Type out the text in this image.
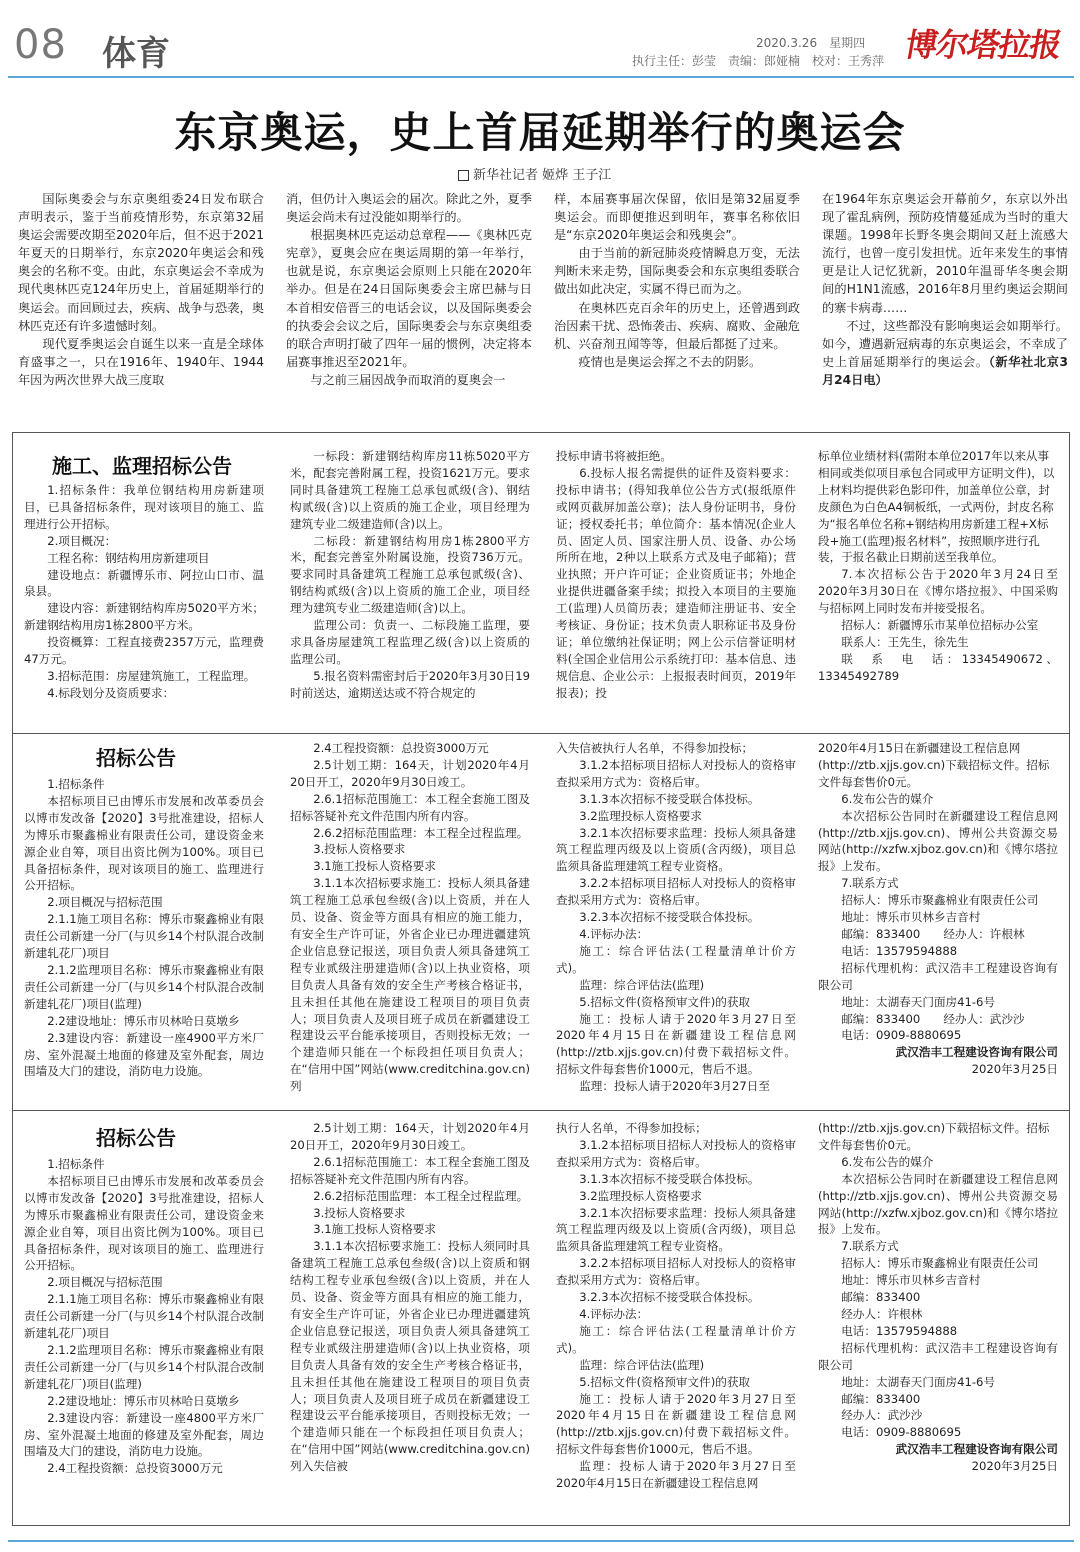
08 体育	2020.3.26　星期四
执行主任：彭莹　责编：郎娅楠　校对：王秀萍 博尔塔拉报
东京奥运，史上首届延期举行的奥运会
新华社记者 姬烨 王子江

国际奥委会与东京奥组委24日发布联合声明表示，鉴于当前疫情形势，东京第32届奥运会需要改期至2020年后，但不迟于2021年夏天的日期举行，东京2020年奥运会和残奥会的名称不变。由此，东京奥运会不幸成为现代奥林匹克124年历史上，首届延期举行的奥运会。而回顾过去，疾病、战争与恐袭，奥林匹克还有许多遗憾时刻。

现代夏季奥运会自诞生以来一直是全球体育盛事之一，只在1916年、1940年、1944年因为两次世界大战三度取

消，但仍计入奥运会的届次。除此之外，夏季奥运会尚未有过没能如期举行的。

根据奥林匹克运动总章程——《奥林匹克宪章》，夏奥会应在奥运周期的第一年举行，也就是说，东京奥运会原则上只能在2020年举办。但是在24日国际奥委会主席巴赫与日本首相安倍晋三的电话会议，以及国际奥委会的执委会会议之后，国际奥委会与东京奥组委的联合声明打破了四年一届的惯例，决定将本届赛事推迟至2021年。

与之前三届因战争而取消的夏奥会一

样，本届赛事届次保留，依旧是第32届夏季奥运会。而即便推迟到明年，赛事名称依旧是“东京2020年奥运会和残奥会”。

由于当前的新冠肺炎疫情瞬息万变，无法判断未来走势，国际奥委会和东京奥组委联合做出如此决定，实属不得已而为之。

在奥林匹克百余年的历史上，还曾遇到政治因素干扰、恐怖袭击、疾病、腐败、金融危机、兴奋剂丑闻等等，但最后都挺了过来。

疫情也是奥运会挥之不去的阴影。

在1964年东京奥运会开幕前夕，东京以外出现了霍乱病例，预防疫情蔓延成为当时的重大课题。1998年长野冬奥会期间又赶上流感大流行，也曾一度引发担忧。近年来发生的事情更是让人记忆犹新，2010年温哥华冬奥会期间的H1N1流感，2016年8月里约奥运会期间的寨卡病毒……

不过，这些都没有影响奥运会如期举行。如今，遭遇新冠病毒的东京奥运会，不幸成了史上首届延期举行的奥运会。（新华社北京3月24日电）

施工、监理招标公告

1.招标条件：我单位钢结构用房新建项目，已具备招标条件，现对该项目的施工、监理进行公开招标。

2.项目概况：

工程名称：钢结构用房新建项目

建设地点：新疆博乐市、阿拉山口市、温泉县。

建设内容：新建钢结构库房5020平方米；新建钢结构用房1栋2800平方米。

投资概算：工程直接费2357万元，监理费47万元。

3.招标范围：房屋建筑施工，工程监理。

4.标段划分及资质要求：

一标段：新建钢结构库房11栋5020平方米，配套完善附属工程，投资1621万元。要求同时具备建筑工程施工总承包贰级(含)、钢结构贰级(含)以上资质的施工企业，项目经理为建筑专业二级建造师(含)以上。

二标段：新建钢结构用房1栋2800平方米，配套完善室外附属设施，投资736万元。要求同时具备建筑工程施工总承包贰级(含)、钢结构贰级(含)以上资质的施工企业，项目经理为建筑专业二级建造师(含)以上。

监理公司：负责一、二标段施工监理，要求具备房屋建筑工程监理乙级(含)以上资质的监理公司。

5.报名资料需密封后于2020年3月30日19时前送达，逾期送达或不符合规定的

投标申请书将被拒绝。

6.投标人报名需提供的证件及资料要求：投标申请书；(得知我单位公告方式(报纸原件或网页截屏加盖公章)；法人身份证明书，身份证；授权委托书；单位简介：基本情况(企业人员、固定人员、国家注册人员、设备、办公场所所在地，2种以上联系方式及电子邮箱)；营业执照；开户许可证；企业资质证书；外地企业提供进疆备案手续；拟投入本项目的主要施工(监理)人员简历表；建造师注册证书、安全考核证、身份证；技术负责人职称证书及身份证；单位缴纳社保证明；网上公示信誉证明材料(全国企业信用公示系统打印：基本信息、违规信息、企业公示：上报报表时间页，2019年报表)；投

标单位业绩材料(需附本单位2017年以来从事相同或类似项目承包合同或甲方证明文件)，以上材料均提供彩色影印件，加盖单位公章，封皮颜色为白色A4铜板纸，一式两份，封皮名称为“报名单位名称+钢结构用房新建工程+X标段+施工(监理)报名材料”，按照顺序进行孔装，于报名截止日期前送至我单位。

7.本次招标公告于2020年3月24日至2020年3月30日在《博尔塔拉报》、中国采购与招标网上同时发布并接受报名。

招标人：新疆博乐市某单位招标办公室

联系人：王先生，徐先生

联　系　电　话：13345490672、13345492789

招标公告

1.招标条件

本招标项目已由博乐市发展和改革委员会以博市发改备【2020】3号批准建设，招标人为博乐市聚鑫棉业有限责任公司，建设资金来源企业自筹，项目出资比例为100%。项目已具备招标条件，现对该项目的施工、监理进行公开招标。

2.项目概况与招标范围

2.1.1施工项目名称：博乐市聚鑫棉业有限责任公司新建一分厂(与贝乡14个村队混合改制新建轧花厂)项目

2.1.2监理项目名称：博乐市聚鑫棉业有限责任公司新建一分厂(与贝乡14个村队混合改制新建轧花厂)项目(监理)

2.2建设地址：博乐市贝林哈日莫墩乡

2.3建设内容：新建设一座4900平方米厂房、室外混凝土地面的修建及室外配套，周边围墙及大门的建设，消防电力设施。

2.4工程投资额：总投资3000万元

2.5计划工期：164天，计划2020年4月20日开工，2020年9月30日竣工。

2.6.1招标范围施工：本工程全套施工图及招标答疑补充文件范围内所有内容。

2.6.2招标范围监理：本工程全过程监理。

3.投标人资格要求

3.1施工投标人资格要求

3.1.1本次招标要求施工：投标人须具备建筑工程施工总承包叁级(含)以上资质，并在人员、设备、资金等方面具有相应的施工能力，有安全生产许可证，外省企业已办理进疆建筑企业信息登记报送，项目负责人须具备建筑工程专业贰级注册建造师(含)以上执业资格，项目负责人具备有效的安全生产考核合格证书，且未担任其他在施建设工程项目的项目负责人；项目负责人及项目班子成员在新疆建设工程建设云平台能承接项目，否则投标无效；一个建造师只能在一个标段担任项目负责人；在“信用中国”网站(www.creditchina.gov.cn)列

入失信被执行人名单，不得参加投标；

3.1.2本招标项目招标人对投标人的资格审查拟采用方式为：资格后审。

3.1.3本次招标不接受联合体投标。

3.2监理投标人资格要求

3.2.1本次招标要求监理：投标人须具备建筑工程监理丙级及以上资质(含丙级)，项目总监须具备监理建筑工程专业资格。

3.2.2本招标项目招标人对投标人的资格审查拟采用方式为：资格后审。

3.2.3本次招标不接受联合体投标。

4.评标办法：

施工：综合评估法(工程量清单计价方式)。

监理：综合评估法(监理)

5.招标文件(资格预审文件)的获取

施工：投标人请于2020年3月27日至2020年4月15日在新疆建设工程信息网(http://ztb.xjjs.gov.cn)付费下载招标文件。招标文件每套售价1000元，售后不退。

监理：投标人请于2020年3月27日至

2020年4月15日在新疆建设工程信息网(http://ztb.xjjs.gov.cn)下载招标文件。招标文件每套售价0元。

6.发布公告的媒介

本次招标公告同时在新疆建设工程信息网(http://ztb.xjjs.gov.cn)、博州公共资源交易网站(http://xzfw.xjboz.gov.cn)和《博尔塔拉报》上发布。

7.联系方式

招标人：博乐市聚鑫棉业有限责任公司

地址：博乐市贝林乡吉音村

邮编：833400　　经办人：许根林

电话：13579594888

招标代理机构：武汉浩丰工程建设咨询有限公司

地址：太湖春天门面房41-6号

邮编：833400　　经办人：武沙沙

电话：0909-8880695

武汉浩丰工程建设咨询有限公司

2020年3月25日

招标公告

1.招标条件

本招标项目已由博乐市发展和改革委员会以博市发改备【2020】3号批准建设，招标人为博乐市聚鑫棉业有限责任公司，建设资金来源企业自筹，项目出资比例为100%。项目已具备招标条件，现对该项目的施工、监理进行公开招标。

2.项目概况与招标范围

2.1.1施工项目名称：博乐市聚鑫棉业有限责任公司新建一分厂(与贝乡14个村队混合改制新建轧花厂)项目

2.1.2监理项目名称：博乐市聚鑫棉业有限责任公司新建一分厂(与贝乡14个村队混合改制新建轧花厂)项目(监理)

2.2建设地址：博乐市贝林哈日莫墩乡

2.3建设内容：新建设一座4800平方米厂房、室外混凝土地面的修建及室外配套，周边围墙及大门的建设，消防电力设施。

2.4工程投资额：总投资3000万元

2.5计划工期：164天，计划2020年4月20日开工，2020年9月30日竣工。

2.6.1招标范围施工：本工程全套施工图及招标答疑补充文件范围内所有内容。

2.6.2招标范围监理：本工程全过程监理。

3.投标人资格要求

3.1施工投标人资格要求

3.1.1本次招标要求施工：投标人须同时具备建筑工程施工总承包叁级(含)以上资质和钢结构工程专业承包叁级(含)以上资质，并在人员、设备、资金等方面具有相应的施工能力，有安全生产许可证，外省企业已办理进疆建筑企业信息登记报送，项目负责人须具备建筑工程专业贰级注册建造师(含)以上执业资格，项目负责人具备有效的安全生产考核合格证书，且未担任其他在施建设工程项目的项目负责人；项目负责人及项目班子成员在新疆建设工程建设云平台能承接项目，否则投标无效；一个建造师只能在一个标段担任项目负责人；在“信用中国”网站(www.creditchina.gov.cn)列入失信被

执行人名单，不得参加投标；

3.1.2本招标项目招标人对投标人的资格审查拟采用方式为：资格后审。

3.1.3本次招标不接受联合体投标。

3.2监理投标人资格要求

3.2.1本次招标要求监理：投标人须具备建筑工程监理丙级及以上资质(含丙级)，项目总监须具备监理建筑工程专业资格。

3.2.2本招标项目招标人对投标人的资格审查拟采用方式为：资格后审。

3.2.3本次招标不接受联合体投标。

4.评标办法：

施工：综合评估法(工程量清单计价方式)。

监理：综合评估法(监理)

5.招标文件(资格预审文件)的获取

施工：投标人请于2020年3月27日至2020年4月15日在新疆建设工程信息网(http://ztb.xjjs.gov.cn)付费下载招标文件。招标文件每套售价1000元，售后不退。

监理：投标人请于2020年3月27日至2020年4月15日在新疆建设工程信息网

(http://ztb.xjjs.gov.cn)下载招标文件。招标文件每套售价0元。

6.发布公告的媒介

本次招标公告同时在新疆建设工程信息网(http://ztb.xjjs.gov.cn)、博州公共资源交易网站(http://xzfw.xjboz.gov.cn)和《博尔塔拉报》上发布。

7.联系方式

招标人：博乐市聚鑫棉业有限责任公司

地址：博乐市贝林乡吉音村

邮编：833400

经办人：许根林

电话：13579594888

招标代理机构：武汉浩丰工程建设咨询有限公司

地址：太湖春天门面房41-6号

邮编：833400

经办人：武沙沙

电话：0909-8880695

武汉浩丰工程建设咨询有限公司

2020年3月25日
